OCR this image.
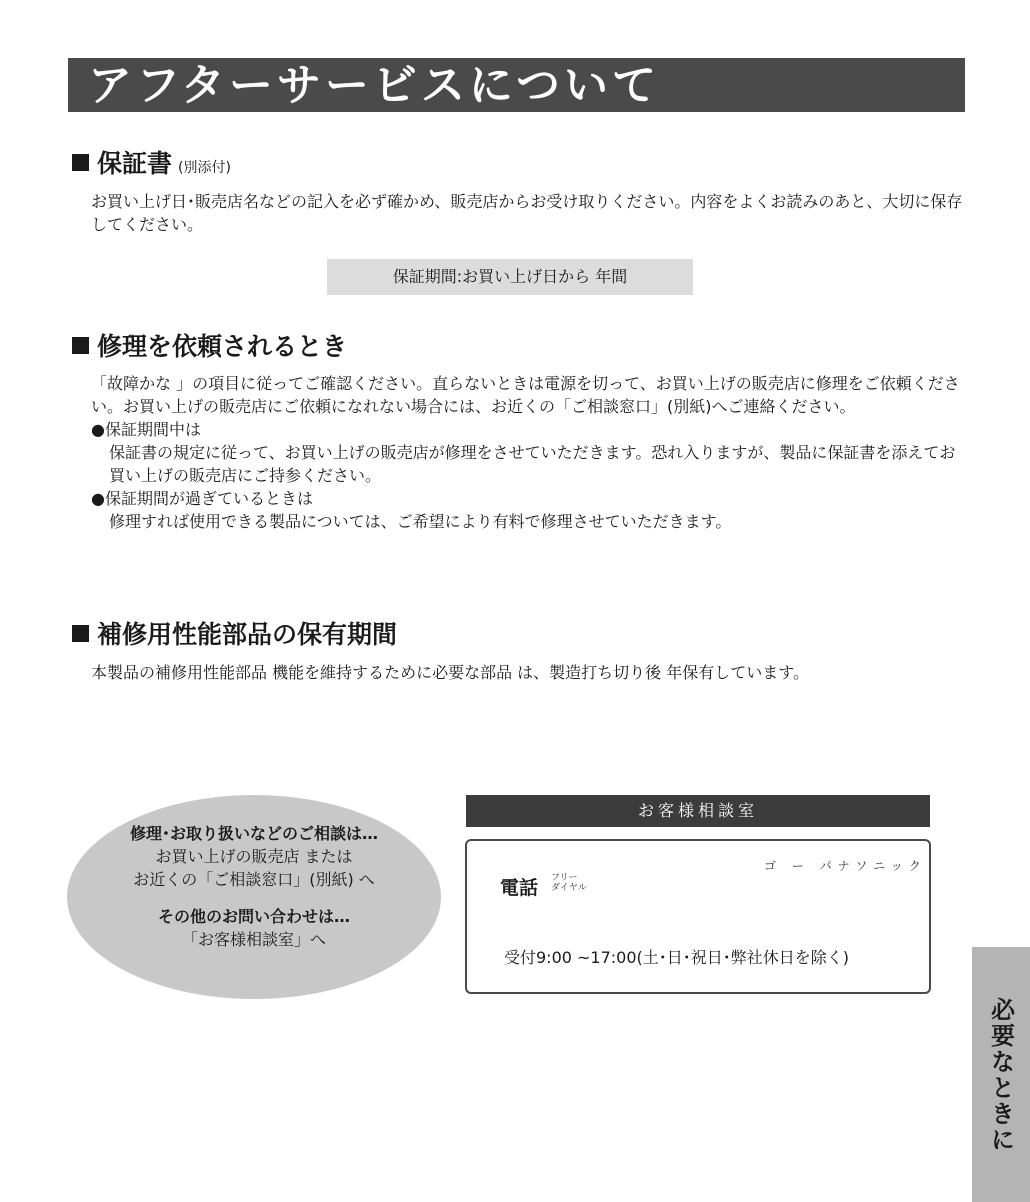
アフターサービスについて
保証書 (別添付)

お買い上げ日･販売店名などの記入を必ず確かめ、販売店からお受け取りください。内容をよくお読みのあと、大切に保存してください。

保証期間:お買い上げ日から 年間
修理を依頼されるとき

「故障かな 」の項目に従ってご確認ください。直らないときは電源を切って、お買い上げの販売店に修理をご依頼ください。お買い上げの販売店にご依頼になれない場合には、お近くの「ご相談窓口」(別紙)へご連絡ください。

●保証期間中は

保証書の規定に従って、お買い上げの販売店が修理をさせていただきます。恐れ入りますが、製品に保証書を添えてお買い上げの販売店にご持参ください。

●保証期間が過ぎているときは

修理すれば使用できる製品については、ご希望により有料で修理させていただきます。

補修用性能部品の保有期間

本製品の補修用性能部品 機能を維持するために必要な部品 は、製造打ち切り後 年保有しています。

修理･お取り扱いなどのご相談は…
お買い上げの販売店 または
お近くの「ご相談窓口」(別紙) へ
その他のお問い合わせは…
「お客様相談室」へ
お客様相談室
ゴ ー パナソニック
電話 フリー
ダイヤル
受付9:00 ~17:00(土･日･祝日･弊社休日を除く)
必要なときに
